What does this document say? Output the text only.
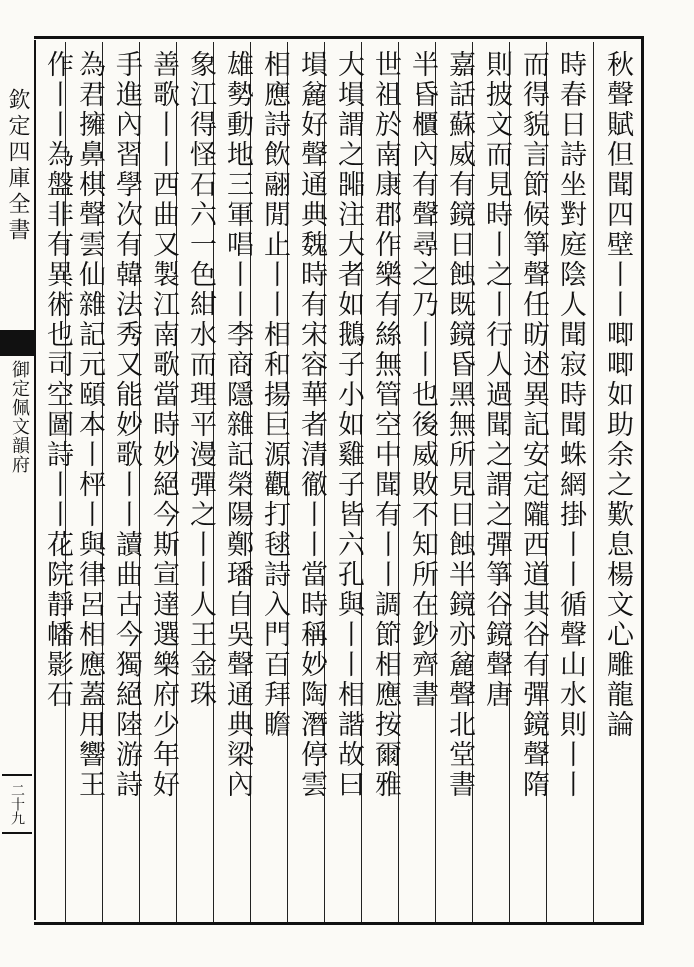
欽定四庫全書
御定佩文韻府
二十九
秋聲賦但聞四壁丨丨唧唧如助余之歎息楊文心雕龍論
時春日詩坐對庭陰人聞寂時聞蛛網掛丨丨循聲山水則丨丨
而得貌言節候箏聲任昉述異記安定隴西道其谷有彈鏡聲隋
則披文而見時丨之丨行人過聞之謂之彈箏谷鏡聲唐
嘉話蘇威有鏡日蝕既鏡昏黑無所見日蝕半鏡亦麄聲北堂書
半昏櫃內有聲尋之乃丨丨也後威敗不知所在鈔齊書
世祖於南康郡作樂有絲無管空中聞有丨丨調節相應按爾雅
大塤謂之嘂注大者如鵝子小如雞子皆六孔與丨丨相諧故曰
塤麄好聲通典魏時有宋容華者清徹丨丨當時稱妙陶潛停雲
相應詩飲翮閒止丨丨相和揚巨源觀打毬詩入門百拜瞻
雄勢動地三軍唱丨丨李商隱雜記榮陽鄭璠自吳聲通典梁內
象江得怪石六一色紺水而理平漫彈之丨丨人王金珠
善歌丨丨西曲又製江南歌當時妙絕今斯宣達選樂府少年好
手進內習學次有韓法秀又能妙歌丨丨讀曲古今獨絕陸游詩
為君擁鼻棋聲雲仙雜記元頤本丨枰丨與律呂相應蓋用響王
作丨丨為盤非有異術也司空圖詩丨丨花院靜幡影石
